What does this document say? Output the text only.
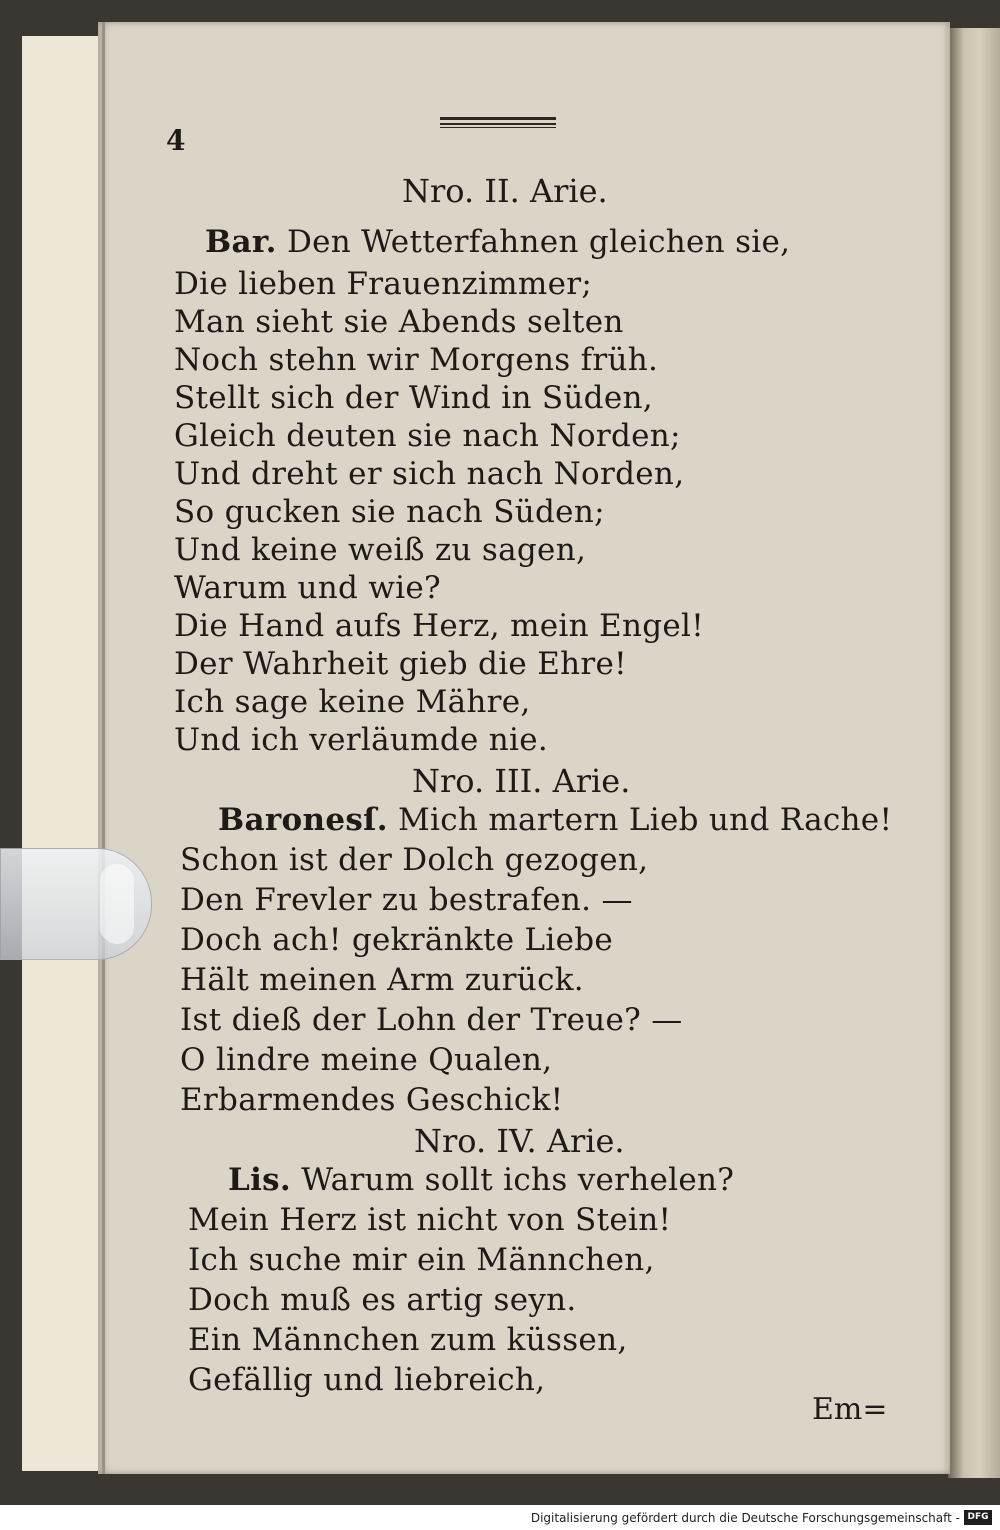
4
Nro. II. Arie.
Bar. Den Wetterfahnen gleichen sie,
Die lieben Frauenzimmer;
Man sieht sie Abends selten
Noch stehn wir Morgens früh.
Stellt sich der Wind in Süden,
Gleich deuten sie nach Norden;
Und dreht er sich nach Norden,
So gucken sie nach Süden;
Und keine weiß zu sagen,
Warum und wie?
Die Hand aufs Herz, mein Engel!
Der Wahrheit gieb die Ehre!
Ich sage keine Mähre,
Und ich verläumde nie.
Nro. III. Arie.
Baronesſ. Mich martern Lieb und Rache!
Schon ist der Dolch gezogen,
Den Frevler zu bestrafen. —
Doch ach! gekränkte Liebe
Hält meinen Arm zurück.
Ist dieß der Lohn der Treue? —
O lindre meine Qualen,
Erbarmendes Geschick!
Nro. IV. Arie.
Lis. Warum sollt ichs verhelen?
Mein Herz ist nicht von Stein!
Ich suche mir ein Männchen,
Doch muß es artig seyn.
Ein Männchen zum küssen,
Gefällig und liebreich,
Em=
Digitalisierung gefördert durch die Deutsche Forschungsgemeinschaft - DFG
